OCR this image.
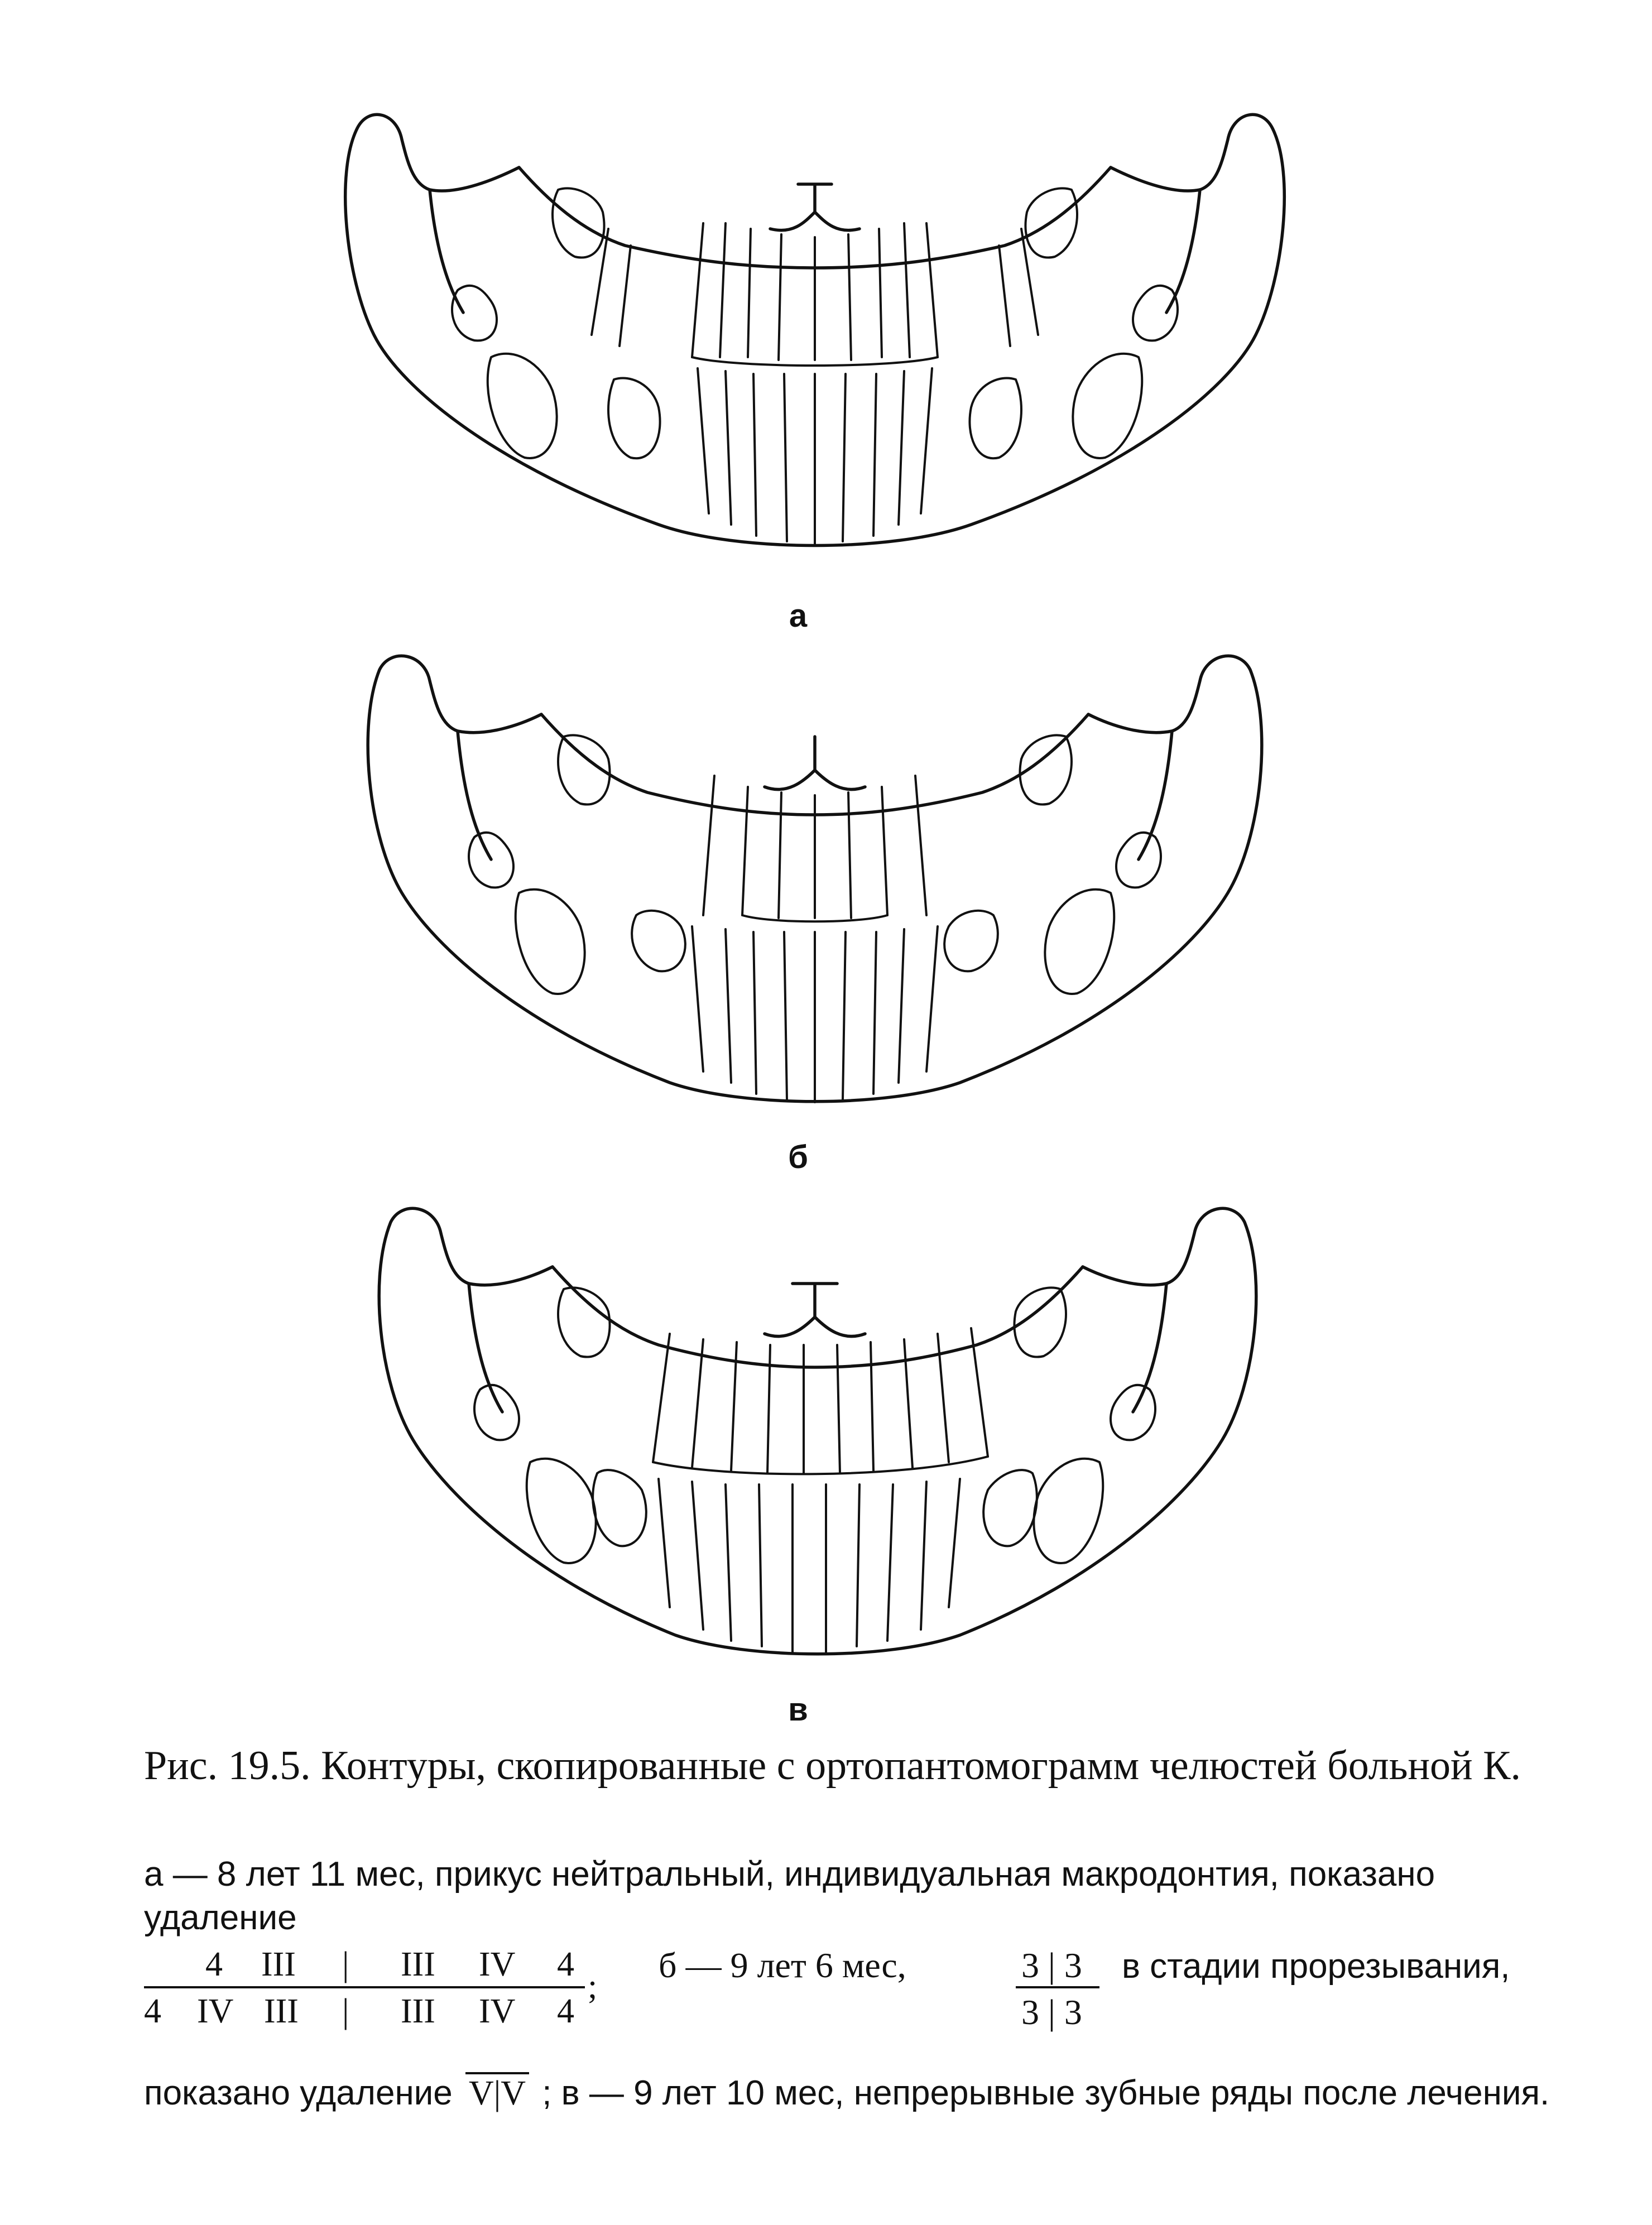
а
б
в
Рис. 19.5. Контуры, скопированные с ортопантомограмм челюстей больной К.
а — 8 лет 11 мес, прикус нейтральный, индивидуальная макродонтия, показано удаление
4 III | III IV 4
4 IV III | III IV 4
;
б — 9 лет 6 мес,	3 | 3
3 | 3
в стадии прорезывания,
показано удаление V|V ; в — 9 лет 10 мес, непрерывные зубные ряды после лечения.
